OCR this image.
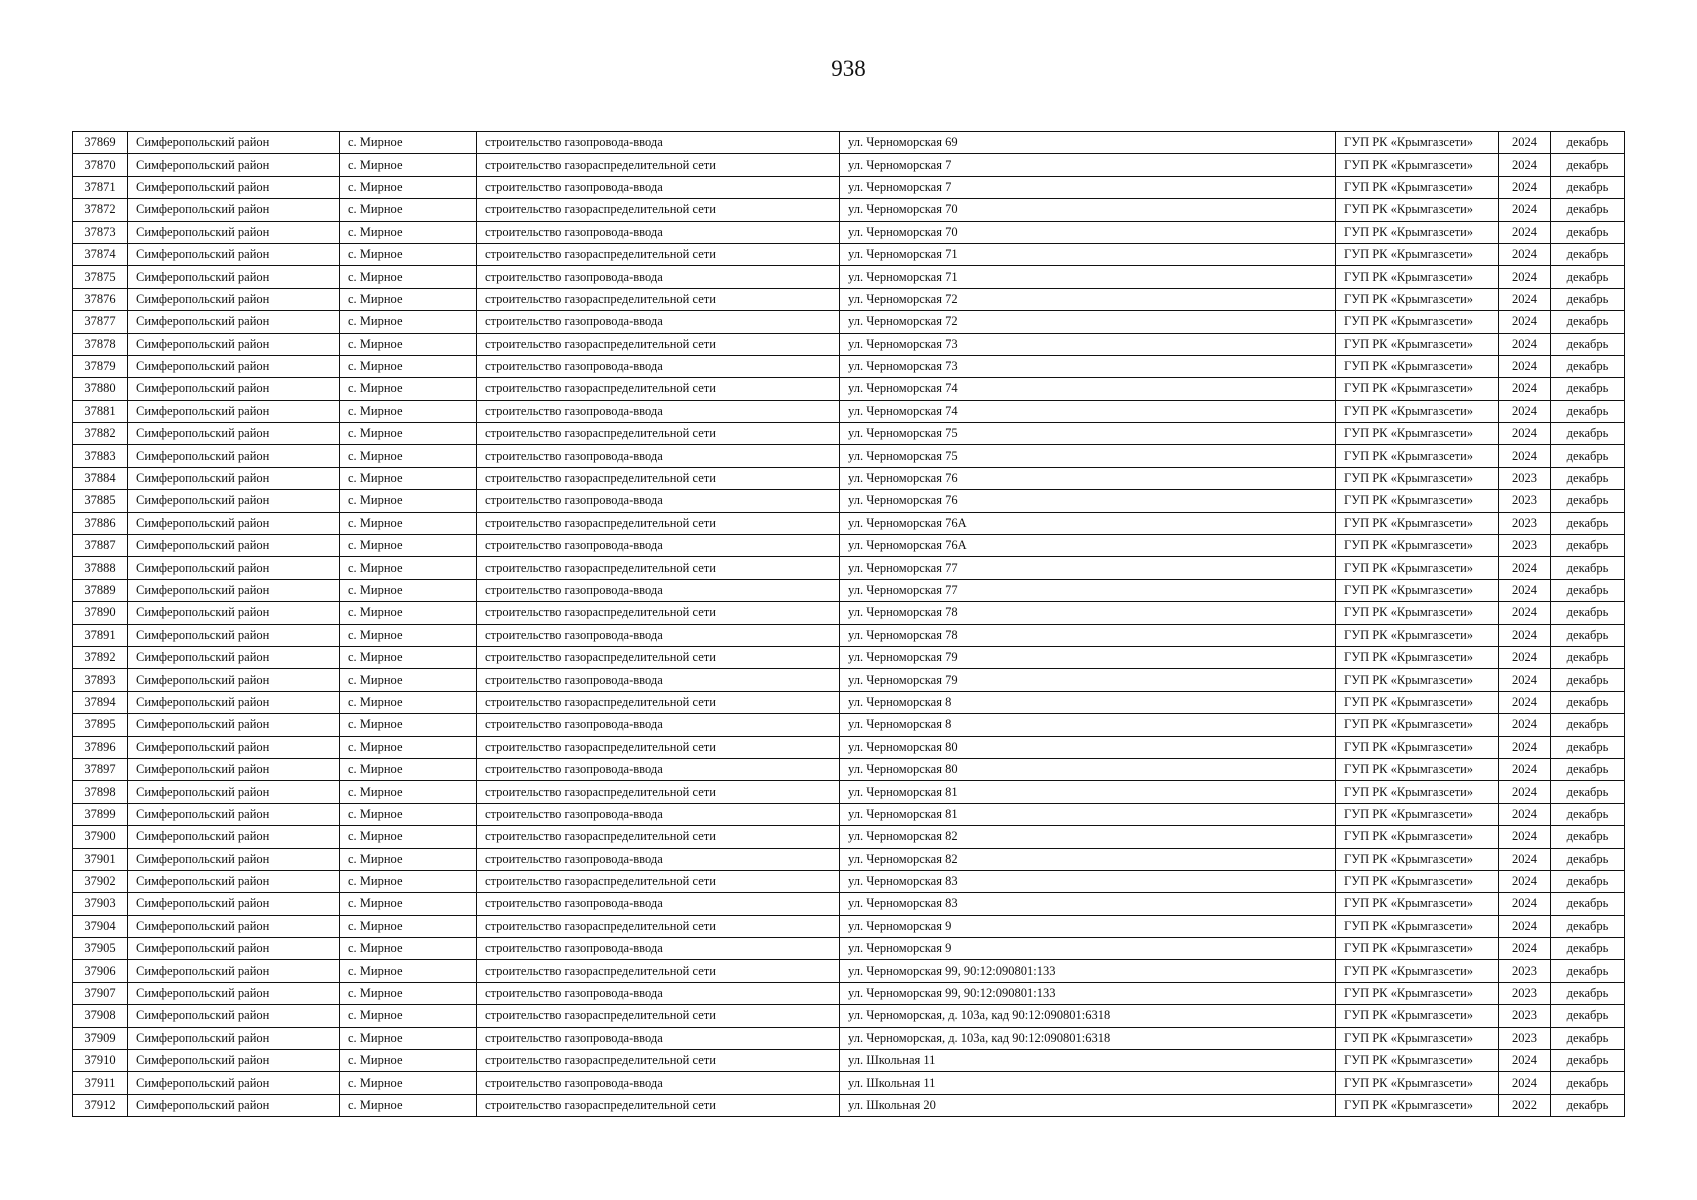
938
37869	Симферопольский район	с. Мирное	строительство газопровода-ввода	ул. Черноморская 69	ГУП РК «Крымгазсети»	2024	декабрь
37870	Симферопольский район	с. Мирное	строительство газораспределительной сети	ул. Черноморская 7	ГУП РК «Крымгазсети»	2024	декабрь
37871	Симферопольский район	с. Мирное	строительство газопровода-ввода	ул. Черноморская 7	ГУП РК «Крымгазсети»	2024	декабрь
37872	Симферопольский район	с. Мирное	строительство газораспределительной сети	ул. Черноморская 70	ГУП РК «Крымгазсети»	2024	декабрь
37873	Симферопольский район	с. Мирное	строительство газопровода-ввода	ул. Черноморская 70	ГУП РК «Крымгазсети»	2024	декабрь
37874	Симферопольский район	с. Мирное	строительство газораспределительной сети	ул. Черноморская 71	ГУП РК «Крымгазсети»	2024	декабрь
37875	Симферопольский район	с. Мирное	строительство газопровода-ввода	ул. Черноморская 71	ГУП РК «Крымгазсети»	2024	декабрь
37876	Симферопольский район	с. Мирное	строительство газораспределительной сети	ул. Черноморская 72	ГУП РК «Крымгазсети»	2024	декабрь
37877	Симферопольский район	с. Мирное	строительство газопровода-ввода	ул. Черноморская 72	ГУП РК «Крымгазсети»	2024	декабрь
37878	Симферопольский район	с. Мирное	строительство газораспределительной сети	ул. Черноморская 73	ГУП РК «Крымгазсети»	2024	декабрь
37879	Симферопольский район	с. Мирное	строительство газопровода-ввода	ул. Черноморская 73	ГУП РК «Крымгазсети»	2024	декабрь
37880	Симферопольский район	с. Мирное	строительство газораспределительной сети	ул. Черноморская 74	ГУП РК «Крымгазсети»	2024	декабрь
37881	Симферопольский район	с. Мирное	строительство газопровода-ввода	ул. Черноморская 74	ГУП РК «Крымгазсети»	2024	декабрь
37882	Симферопольский район	с. Мирное	строительство газораспределительной сети	ул. Черноморская 75	ГУП РК «Крымгазсети»	2024	декабрь
37883	Симферопольский район	с. Мирное	строительство газопровода-ввода	ул. Черноморская 75	ГУП РК «Крымгазсети»	2024	декабрь
37884	Симферопольский район	с. Мирное	строительство газораспределительной сети	ул. Черноморская 76	ГУП РК «Крымгазсети»	2023	декабрь
37885	Симферопольский район	с. Мирное	строительство газопровода-ввода	ул. Черноморская 76	ГУП РК «Крымгазсети»	2023	декабрь
37886	Симферопольский район	с. Мирное	строительство газораспределительной сети	ул. Черноморская 76А	ГУП РК «Крымгазсети»	2023	декабрь
37887	Симферопольский район	с. Мирное	строительство газопровода-ввода	ул. Черноморская 76А	ГУП РК «Крымгазсети»	2023	декабрь
37888	Симферопольский район	с. Мирное	строительство газораспределительной сети	ул. Черноморская 77	ГУП РК «Крымгазсети»	2024	декабрь
37889	Симферопольский район	с. Мирное	строительство газопровода-ввода	ул. Черноморская 77	ГУП РК «Крымгазсети»	2024	декабрь
37890	Симферопольский район	с. Мирное	строительство газораспределительной сети	ул. Черноморская 78	ГУП РК «Крымгазсети»	2024	декабрь
37891	Симферопольский район	с. Мирное	строительство газопровода-ввода	ул. Черноморская 78	ГУП РК «Крымгазсети»	2024	декабрь
37892	Симферопольский район	с. Мирное	строительство газораспределительной сети	ул. Черноморская 79	ГУП РК «Крымгазсети»	2024	декабрь
37893	Симферопольский район	с. Мирное	строительство газопровода-ввода	ул. Черноморская 79	ГУП РК «Крымгазсети»	2024	декабрь
37894	Симферопольский район	с. Мирное	строительство газораспределительной сети	ул. Черноморская 8	ГУП РК «Крымгазсети»	2024	декабрь
37895	Симферопольский район	с. Мирное	строительство газопровода-ввода	ул. Черноморская 8	ГУП РК «Крымгазсети»	2024	декабрь
37896	Симферопольский район	с. Мирное	строительство газораспределительной сети	ул. Черноморская 80	ГУП РК «Крымгазсети»	2024	декабрь
37897	Симферопольский район	с. Мирное	строительство газопровода-ввода	ул. Черноморская 80	ГУП РК «Крымгазсети»	2024	декабрь
37898	Симферопольский район	с. Мирное	строительство газораспределительной сети	ул. Черноморская 81	ГУП РК «Крымгазсети»	2024	декабрь
37899	Симферопольский район	с. Мирное	строительство газопровода-ввода	ул. Черноморская 81	ГУП РК «Крымгазсети»	2024	декабрь
37900	Симферопольский район	с. Мирное	строительство газораспределительной сети	ул. Черноморская 82	ГУП РК «Крымгазсети»	2024	декабрь
37901	Симферопольский район	с. Мирное	строительство газопровода-ввода	ул. Черноморская 82	ГУП РК «Крымгазсети»	2024	декабрь
37902	Симферопольский район	с. Мирное	строительство газораспределительной сети	ул. Черноморская 83	ГУП РК «Крымгазсети»	2024	декабрь
37903	Симферопольский район	с. Мирное	строительство газопровода-ввода	ул. Черноморская 83	ГУП РК «Крымгазсети»	2024	декабрь
37904	Симферопольский район	с. Мирное	строительство газораспределительной сети	ул. Черноморская 9	ГУП РК «Крымгазсети»	2024	декабрь
37905	Симферопольский район	с. Мирное	строительство газопровода-ввода	ул. Черноморская 9	ГУП РК «Крымгазсети»	2024	декабрь
37906	Симферопольский район	с. Мирное	строительство газораспределительной сети	ул. Черноморская 99, 90:12:090801:133	ГУП РК «Крымгазсети»	2023	декабрь
37907	Симферопольский район	с. Мирное	строительство газопровода-ввода	ул. Черноморская 99, 90:12:090801:133	ГУП РК «Крымгазсети»	2023	декабрь
37908	Симферопольский район	с. Мирное	строительство газораспределительной сети	ул. Черноморская, д. 103а, кад 90:12:090801:6318	ГУП РК «Крымгазсети»	2023	декабрь
37909	Симферопольский район	с. Мирное	строительство газопровода-ввода	ул. Черноморская, д. 103а, кад 90:12:090801:6318	ГУП РК «Крымгазсети»	2023	декабрь
37910	Симферопольский район	с. Мирное	строительство газораспределительной сети	ул. Школьная 11	ГУП РК «Крымгазсети»	2024	декабрь
37911	Симферопольский район	с. Мирное	строительство газопровода-ввода	ул. Школьная 11	ГУП РК «Крымгазсети»	2024	декабрь
37912	Симферопольский район	с. Мирное	строительство газораспределительной сети	ул. Школьная 20	ГУП РК «Крымгазсети»	2022	декабрь
